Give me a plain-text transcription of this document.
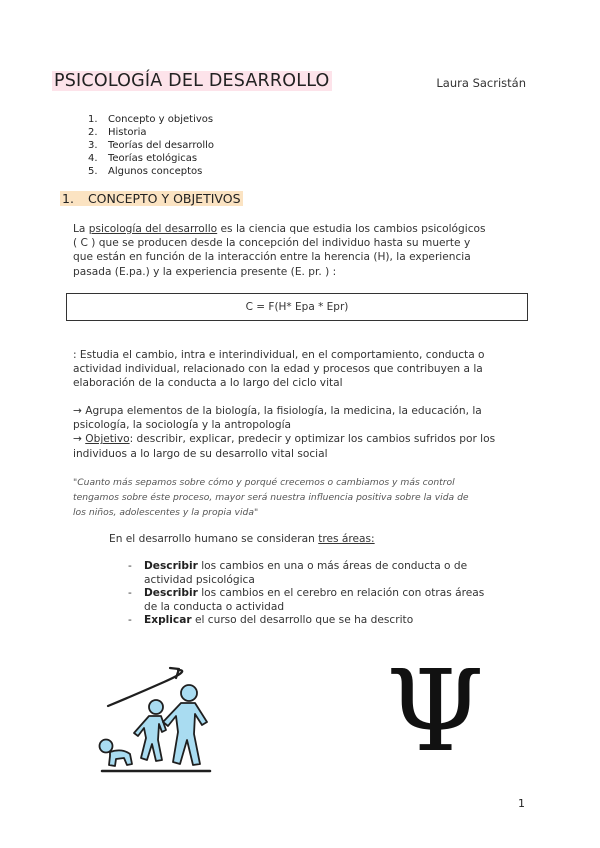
PSICOLOGÍA DEL DESARROLLO	Laura Sacristán
1.	Concepto y objetivos
2.	Historia
3.	Teorías del desarrollo
4.	Teorías etológicas
5.	Algunos conceptos
1. CONCEPTO Y OBJETIVOS
La psicología del desarrollo es la ciencia que estudia los cambios psicológicos
( C ) que se producen desde la concepción del individuo hasta su muerte y
que están en función de la interacción entre la herencia (H), la experiencia
pasada (E.pa.) y la experiencia presente (E. pr. ) :
C = F(H* Epa * Epr)
: Estudia el cambio, intra e interindividual, en el comportamiento, conducta o
actividad individual, relacionado con la edad y procesos que contribuyen a la
elaboración de la conducta a lo largo del ciclo vital
→ Agrupa elementos de la biología, la fisiología, la medicina, la educación, la
psicología, la sociología y la antropología
→ Objetivo: describir, explicar, predecir y optimizar los cambios sufridos por los
individuos a lo largo de su desarrollo vital social
"Cuanto más sepamos sobre cómo y porqué crecemos o cambiamos y más control
tengamos sobre éste proceso, mayor será nuestra influencia positiva sobre la vida de
los niños, adolescentes y la propia vida"
En el desarrollo humano se consideran tres áreas:
-	Describir los cambios en una o más áreas de conducta o de
actividad psicológica
-	Describir los cambios en el cerebro en relación con otras áreas
de la conducta o actividad
-	Explicar el curso del desarrollo que se ha descrito
Ψ
1
